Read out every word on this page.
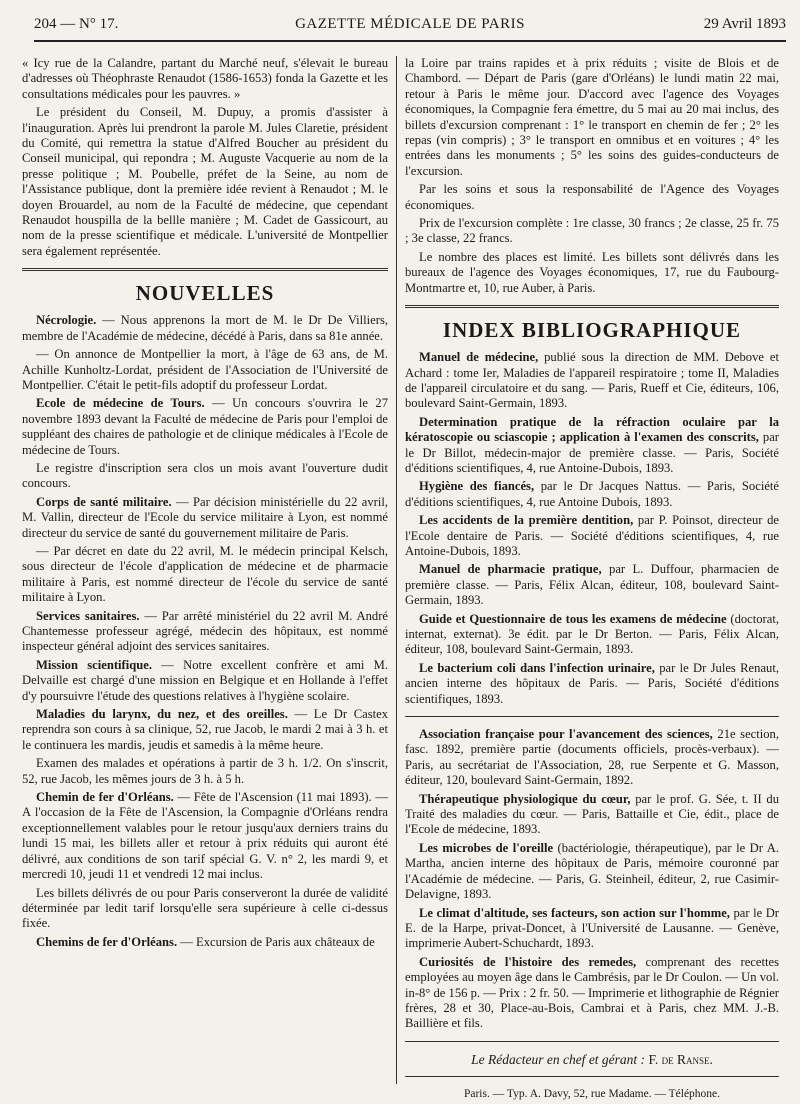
204 — N° 17.	GAZETTE MÉDICALE DE PARIS	29 Avril 1893

« Icy rue de la Calandre, partant du Marché neuf, s'élevait le bureau d'adresses où Théophraste Renaudot (1586-1653) fonda la Gazette et les consultations médicales pour les pauvres. »

Le président du Conseil, M. Dupuy, a promis d'assister à l'inauguration. Après lui prendront la parole M. Jules Claretie, président du Comité, qui remettra la statue d'Alfred Boucher au président du Conseil municipal, qui repondra ; M. Auguste Vacquerie au nom de la presse politique ; M. Poubelle, préfet de la Seine, au nom de l'Assistance publique, dont la première idée revient à Renaudot ; M. le doyen Brouardel, au nom de la Faculté de médecine, que cependant Renaudot houspilla de la bellle manière ; M. Cadet de Gassicourt, au nom de la presse scientifique et médicale. L'université de Montpellier sera également représentée.

NOUVELLES

Nécrologie. — Nous apprenons la mort de M. le Dr De Villiers, membre de l'Académie de médecine, décédé à Paris, dans sa 81e année.

— On annonce de Montpellier la mort, à l'âge de 63 ans, de M. Achille Kunholtz-Lordat, président de l'Association de l'Université de Montpellier. C'était le petit-fils adoptif du professeur Lordat.

Ecole de médecine de Tours. — Un concours s'ouvrira le 27 novembre 1893 devant la Faculté de médecine de Paris pour l'emploi de suppléant des chaires de pathologie et de clinique médicales à l'Ecole de médecine de Tours.

Le registre d'inscription sera clos un mois avant l'ouverture dudit concours.

Corps de santé militaire. — Par décision ministérielle du 22 avril, M. Vallin, directeur de l'Ecole du service militaire à Lyon, est nommé directeur du service de santé du gouvernement militaire de Paris.

— Par décret en date du 22 avril, M. le médecin principal Kelsch, sous directeur de l'école d'application de médecine et de pharmacie militaire à Paris, est nommé directeur de l'école du service de santé militaire à Lyon.

Services sanitaires. — Par arrêté ministériel du 22 avril M. André Chantemesse professeur agrégé, médecin des hôpitaux, est nommé inspecteur général adjoint des services sanitaires.

Mission scientifique. — Notre excellent confrère et ami M. Delvaille est chargé d'une mission en Belgique et en Hollande à l'effet d'y poursuivre l'étude des questions relatives à l'hygiène scolaire.

Maladies du larynx, du nez, et des oreilles. — Le Dr Castex reprendra son cours à sa clinique, 52, rue Jacob, le mardi 2 mai à 3 h. et le continuera les mardis, jeudis et samedis à la même heure.

Examen des malades et opérations à partir de 3 h. 1/2. On s'inscrit, 52, rue Jacob, les mêmes jours de 3 h. à 5 h.

Chemin de fer d'Orléans. — Fête de l'Ascension (11 mai 1893). — A l'occasion de la Fête de l'Ascension, la Compagnie d'Orléans rendra exceptionnellement valables pour le retour jusqu'aux derniers trains du lundi 15 mai, les billets aller et retour à prix réduits qui auront été délivré, aux conditions de son tarif spécial G. V. n° 2, les mardi 9, et mercredi 10, jeudi 11 et vendredi 12 mai inclus.

Les billets délivrés de ou pour Paris conserveront la durée de validité déterminée par ledit tarif lorsqu'elle sera supérieure à celle ci-dessus fixée.

Chemins de fer d'Orléans. — Excursion de Paris aux châteaux de

la Loire par trains rapides et à prix réduits ; visite de Blois et de Chambord. — Départ de Paris (gare d'Orléans) le lundi matin 22 mai, retour à Paris le même jour. D'accord avec l'agence des Voyages économiques, la Compagnie fera émettre, du 5 mai au 20 mai inclus, des billets d'excursion comprenant : 1° le transport en chemin de fer ; 2° les repas (vin compris) ; 3° le transport en omnibus et en voitures ; 4° les entrées dans les monuments ; 5° les soins des guides-conducteurs de l'excursion.

Par les soins et sous la responsabilité de l'Agence des Voyages économiques.

Prix de l'excursion complète : 1re classe, 30 francs ; 2e classe, 25 fr. 75 ; 3e classe, 22 francs.

Le nombre des places est limité. Les billets sont délivrés dans les bureaux de l'agence des Voyages économiques, 17, rue du Faubourg-Montmartre et, 10, rue Auber, à Paris.

INDEX BIBLIOGRAPHIQUE

Manuel de médecine, publié sous la direction de MM. Debove et Achard : tome Ier, Maladies de l'appareil respiratoire ; tome II, Maladies de l'appareil circulatoire et du sang. — Paris, Rueff et Cie, éditeurs, 106, boulevard Saint-Germain, 1893.

Determination pratique de la réfraction oculaire par la kératoscopie ou sciascopie ; application à l'examen des conscrits, par le Dr Billot, médecin-major de première classe. — Paris, Société d'éditions scientifiques, 4, rue Antoine-Dubois, 1893.

Hygiène des fiancés, par le Dr Jacques Nattus. — Paris, Société d'éditions scientifiques, 4, rue Antoine Dubois, 1893.

Les accidents de la première dentition, par P. Poinsot, directeur de l'Ecole dentaire de Paris. — Société d'éditions scientifiques, 4, rue Antoine-Dubois, 1893.

Manuel de pharmacie pratique, par L. Duffour, pharmacien de première classe. — Paris, Félix Alcan, éditeur, 108, boulevard Saint-Germain, 1893.

Guide et Questionnaire de tous les examens de médecine (doctorat, internat, externat). 3e édit. par le Dr Berton. — Paris, Félix Alcan, éditeur, 108, boulevard Saint-Germain, 1893.

Le bacterium coli dans l'infection urinaire, par le Dr Jules Renaut, ancien interne des hôpitaux de Paris. — Paris, Société d'éditions scientifiques, 1893.

Association française pour l'avancement des sciences, 21e section, fasc. 1892, première partie (documents officiels, procès-verbaux). — Paris, au secrétariat de l'Association, 28, rue Serpente et G. Masson, éditeur, 120, boulevard Saint-Germain, 1892.

Thérapeutique physiologique du cœur, par le prof. G. Sée, t. II du Traité des maladies du cœur. — Paris, Battaille et Cie, édit., place de l'Ecole de médecine, 1893.

Les microbes de l'oreille (bactériologie, thérapeutique), par le Dr A. Martha, ancien interne des hôpitaux de Paris, mémoire couronné par l'Académie de médecine. — Paris, G. Steinheil, éditeur, 2, rue Casimir-Delavigne, 1893.

Le climat d'altitude, ses facteurs, son action sur l'homme, par le Dr E. de la Harpe, privat-Doncet, à l'Université de Lausanne. — Genève, imprimerie Aubert-Schuchardt, 1893.

Curiosités de l'histoire des remedes, comprenant des recettes employées au moyen âge dans le Cambrésis, par le Dr Coulon. — Un vol. in-8° de 156 p. — Prix : 2 fr. 50. — Imprimerie et lithographie de Régnier frères, 28 et 30, Place-au-Bois, Cambrai et à Paris, chez MM. J.-B. Baillière et fils.

Le Rédacteur en chef et gérant : F. de Ranse.
Paris. — Typ. A. Davy, 52, rue Madame. — Téléphone.
